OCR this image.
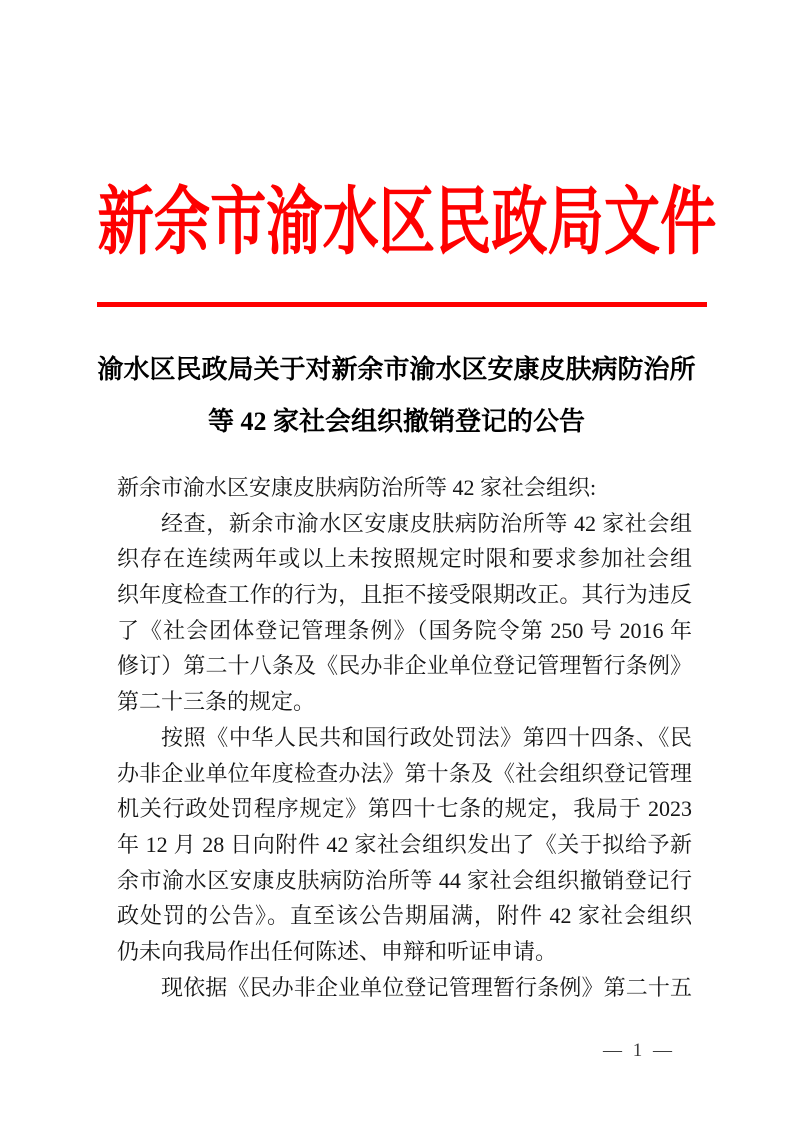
新余市渝水区民政局文件
渝水区民政局关于对新余市渝水区安康皮肤病防治所
等 42 家社会组织撤销登记的公告
新余市渝水区安康皮肤病防治所等 42 家社会组织:
经查，新余市渝水区安康皮肤病防治所等 42 家社会组
织存在连续两年或以上未按照规定时限和要求参加社会组
织年度检查工作的行为，且拒不接受限期改正。其行为违反
了《社会团体登记管理条例》（国务院令第 250 号 2016 年
修订）第二十八条及《民办非企业单位登记管理暂行条例》
第二十三条的规定。
按照《中华人民共和国行政处罚法》第四十四条、《民
办非企业单位年度检查办法》第十条及《社会组织登记管理
机关行政处罚程序规定》第四十七条的规定，我局于 2023
年 12 月 28 日向附件 42 家社会组织发出了《关于拟给予新
余市渝水区安康皮肤病防治所等 44 家社会组织撤销登记行
政处罚的公告》。直至该公告期届满，附件 42 家社会组织
仍未向我局作出任何陈述、申辩和听证申请。
现依据《民办非企业单位登记管理暂行条例》第二十五
— 1 —
